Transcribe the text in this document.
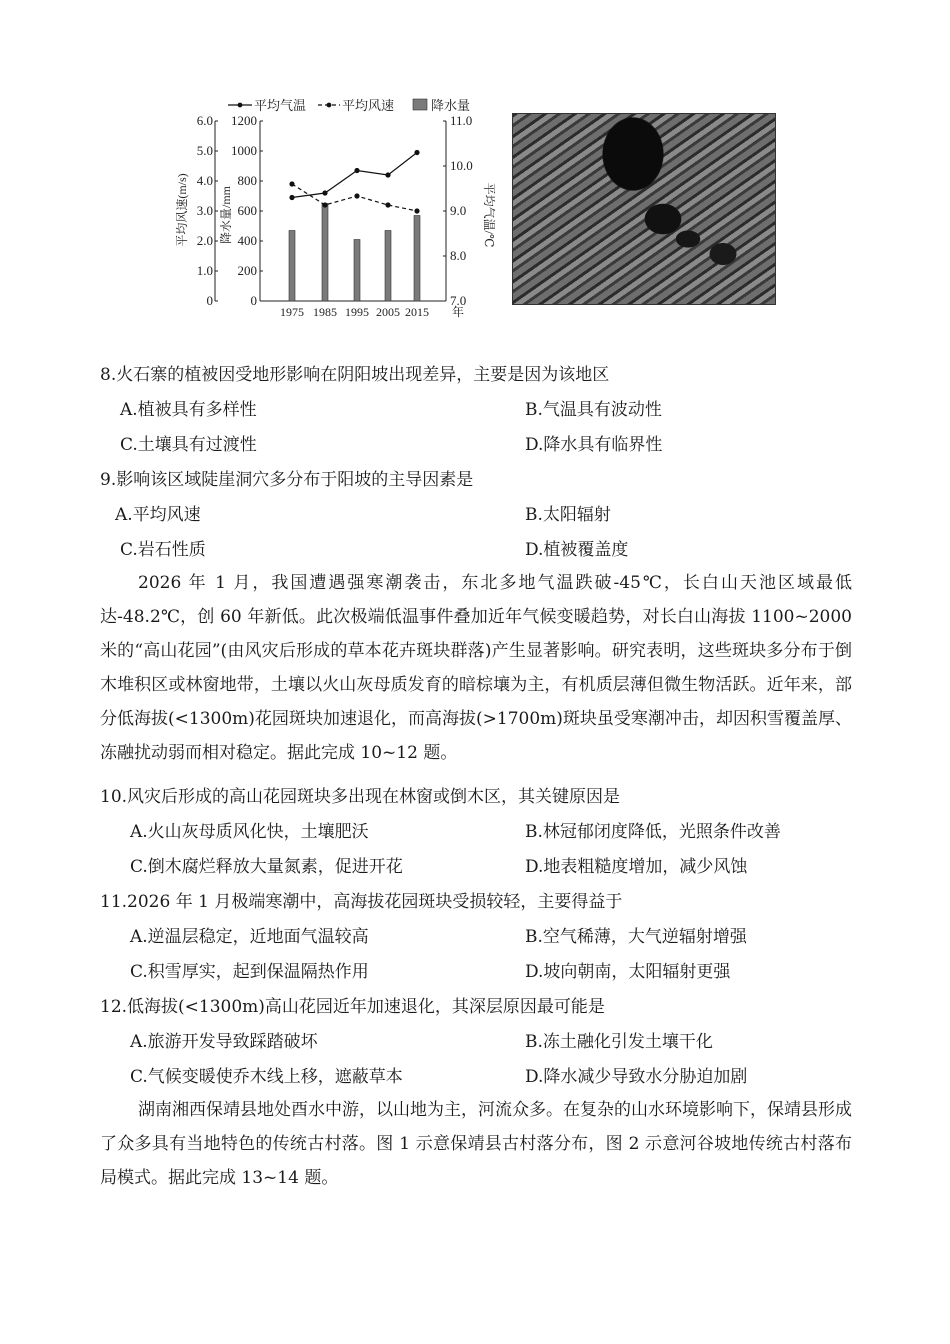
0
1.0
2.0
3.0
4.0
5.0
6.0
0
200
400
600
800
1000
1200
7.0
8.0
9.0
10.0
11.0
平均风速(m/s)	降水量/mm	平均气温/℃
1975 1985 1995 2005 2015 年
平均气温	平均风速	降水量
8.火石寨的植被因受地形影响在阴阳坡出现差异，主要是因为该地区
A.植被具有多样性	B.气温具有波动性
C.土壤具有过渡性	D.降水具有临界性
9.影响该区域陡崖洞穴多分布于阳坡的主导因素是
A.平均风速	B.太阳辐射
C.岩石性质	D.植被覆盖度
2026 年 1 月，我国遭遇强寒潮袭击，东北多地气温跌破-45℃，长白山天池区域最低达-48.2℃，创 60 年新低。此次极端低温事件叠加近年气候变暖趋势，对长白山海拔 1100~2000 米的“高山花园”(由风灾后形成的草本花卉斑块群落)产生显著影响。研究表明，这些斑块多分布于倒木堆积区或林窗地带，土壤以火山灰母质发育的暗棕壤为主，有机质层薄但微生物活跃。近年来，部分低海拔(<1300m)花园斑块加速退化，而高海拔(>1700m)斑块虽受寒潮冲击，却因积雪覆盖厚、冻融扰动弱而相对稳定。据此完成 10~12 题。
10.风灾后形成的高山花园斑块多出现在林窗或倒木区，其关键原因是
A.火山灰母质风化快，土壤肥沃	B.林冠郁闭度降低，光照条件改善
C.倒木腐烂释放大量氮素，促进开花	D.地表粗糙度增加，减少风蚀
11.2026 年 1 月极端寒潮中，高海拔花园斑块受损较轻，主要得益于
A.逆温层稳定，近地面气温较高	B.空气稀薄，大气逆辐射增强
C.积雪厚实，起到保温隔热作用	D.坡向朝南，太阳辐射更强
12.低海拔(<1300m)高山花园近年加速退化，其深层原因最可能是
A.旅游开发导致踩踏破坏	B.冻土融化引发土壤干化
C.气候变暖使乔木线上移，遮蔽草本	D.降水减少导致水分胁迫加剧
湖南湘西保靖县地处酉水中游，以山地为主，河流众多。在复杂的山水环境影响下，保靖县形成了众多具有当地特色的传统古村落。图 1 示意保靖县古村落分布，图 2 示意河谷坡地传统古村落布局模式。据此完成 13~14 题。
